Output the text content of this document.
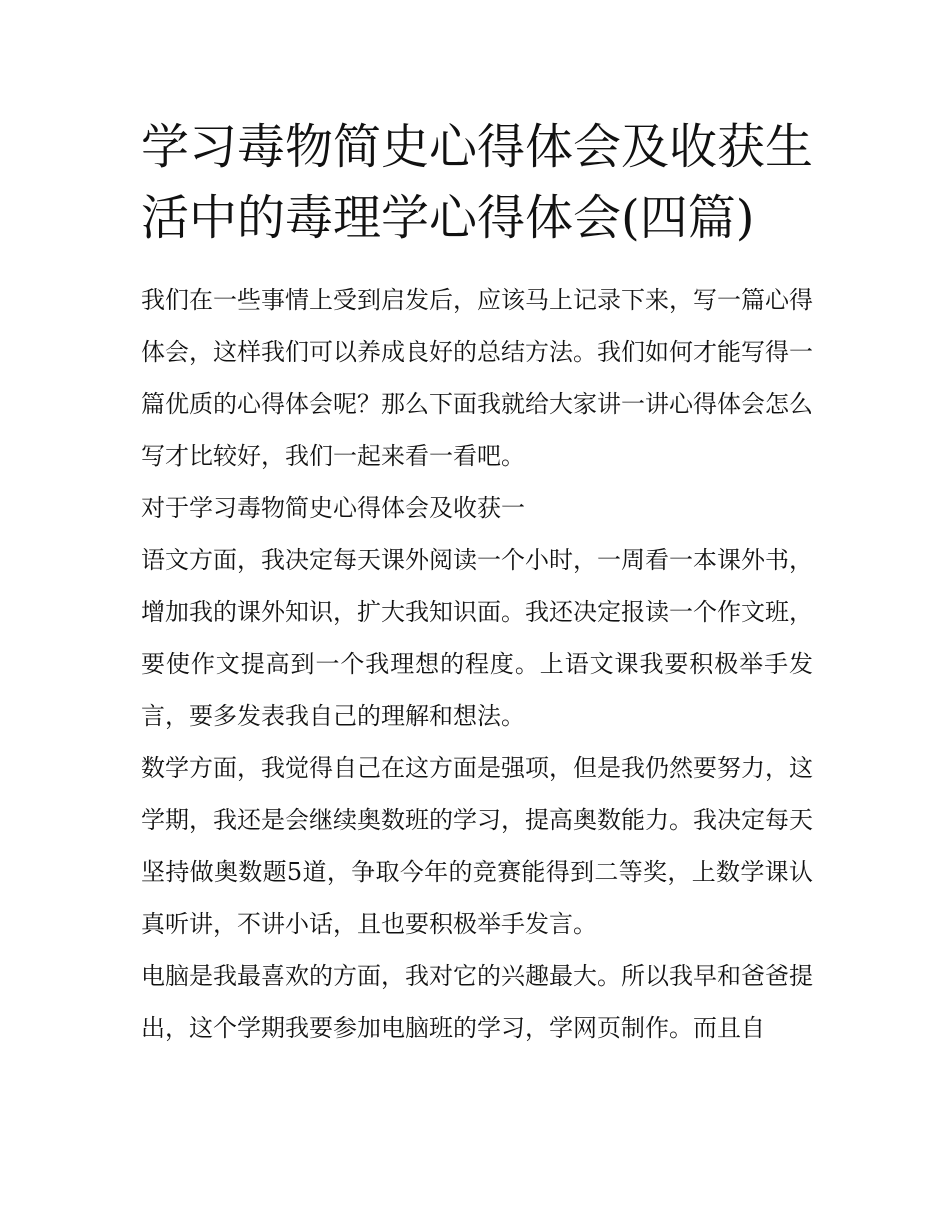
学习毒物简史心得体会及收获生活中的毒理学心得体会(四篇)

我们在一些事情上受到启发后，应该马上记录下来，写一篇心得体会，这样我们可以养成良好的总结方法。我们如何才能写得一篇优质的心得体会呢？那么下面我就给大家讲一讲心得体会怎么写才比较好，我们一起来看一看吧。

对于学习毒物简史心得体会及收获一

语文方面，我决定每天课外阅读一个小时，一周看一本课外书，增加我的课外知识，扩大我知识面。我还决定报读一个作文班，要使作文提高到一个我理想的程度。上语文课我要积极举手发言，要多发表我自己的理解和想法。

数学方面，我觉得自己在这方面是强项，但是我仍然要努力，这学期，我还是会继续奥数班的学习，提高奥数能力。我决定每天坚持做奥数题5道，争取今年的竞赛能得到二等奖，上数学课认真听讲，不讲小话，且也要积极举手发言。

电脑是我最喜欢的方面，我对它的兴趣最大。所以我早和爸爸提出，这个学期我要参加电脑班的学习，学网页制作。而且自
